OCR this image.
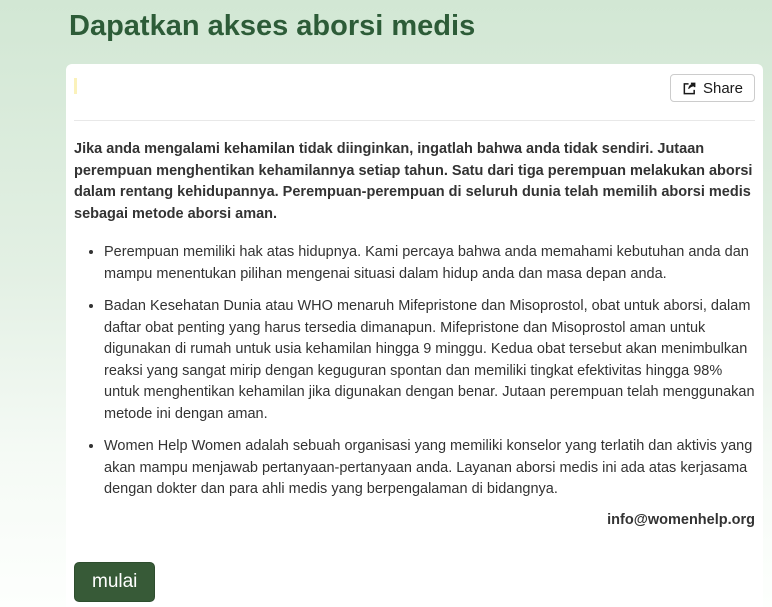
Dapatkan akses aborsi medis
Share

Jika anda mengalami kehamilan tidak diinginkan, ingatlah bahwa anda tidak sendiri. Jutaan perempuan menghentikan kehamilannya setiap tahun. Satu dari tiga perempuan melakukan aborsi dalam rentang kehidupannya. Perempuan-perempuan di seluruh dunia telah memilih aborsi medis sebagai metode aborsi aman.

• Perempuan memiliki hak atas hidupnya. Kami percaya bahwa anda memahami kebutuhan anda dan mampu menentukan pilihan mengenai situasi dalam hidup anda dan masa depan anda.
• Badan Kesehatan Dunia atau WHO menaruh Mifepristone dan Misoprostol, obat untuk aborsi, dalam daftar obat penting yang harus tersedia dimanapun. Mifepristone dan Misoprostol aman untuk digunakan di rumah untuk usia kehamilan hingga 9 minggu. Kedua obat tersebut akan menimbulkan reaksi yang sangat mirip dengan keguguran spontan dan memiliki tingkat efektivitas hingga 98% untuk menghentikan kehamilan jika digunakan dengan benar. Jutaan perempuan telah menggunakan metode ini dengan aman.
• Women Help Women adalah sebuah organisasi yang memiliki konselor yang terlatih dan aktivis yang akan mampu menjawab pertanyaan-pertanyaan anda. Layanan aborsi medis ini ada atas kerjasama dengan dokter dan para ahli medis yang berpengalaman di bidangnya.

info@womenhelp.org

mulai
